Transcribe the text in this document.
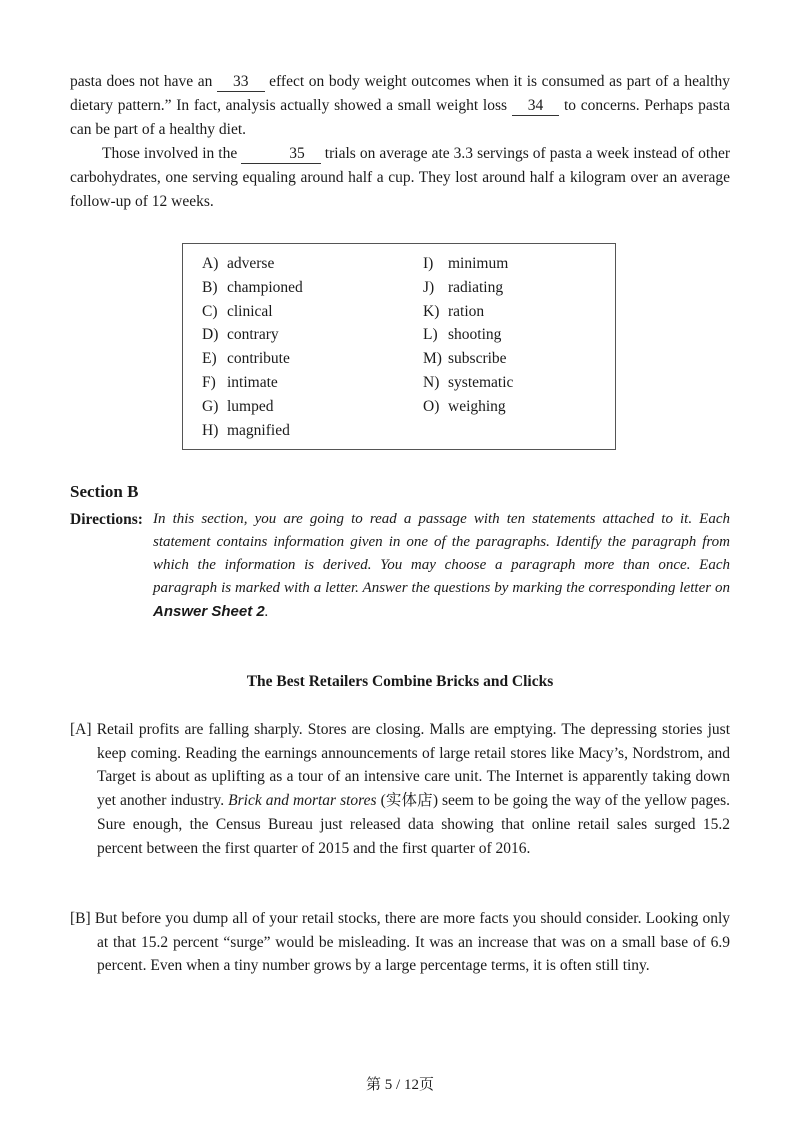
pasta does not have an 33 effect on body weight outcomes when it is consumed as part of a healthy dietary pattern.” In fact, analysis actually showed a small weight loss 34 to concerns. Perhaps pasta can be part of a healthy diet.

Those involved in the	35 trials on average ate 3.3 servings of pasta a week instead of other carbohydrates, one serving equaling around half a cup. They lost around half a kilogram over an average follow-up of 12 weeks.

A) adverse
B) championed
C) clinical
D) contrary
E) contribute
F) intimate
G) lumped
H) magnified
I) minimum
J) radiating
K) ration
L) shooting
M) subscribe
N) systematic
O) weighing
Section B
Directions: In this section, you are going to read a passage with ten statements attached to it. Each statement contains information given in one of the paragraphs. Identify the paragraph from which the information is derived. You may choose a paragraph more than once. Each paragraph is marked with a letter. Answer the questions by marking the corresponding letter on Answer Sheet 2.
The Best Retailers Combine Bricks and Clicks
[A] Retail profits are falling sharply. Stores are closing. Malls are emptying. The depressing stories just keep coming. Reading the earnings announcements of large retail stores like Macy’s, Nordstrom, and Target is about as uplifting as a tour of an intensive care unit. The Internet is apparently taking down yet another industry. Brick and mortar stores (实体店) seem to be going the way of the yellow pages. Sure enough, the Census Bureau just released data showing that online retail sales surged 15.2 percent between the first quarter of 2015 and the first quarter of 2016.
[B] But before you dump all of your retail stocks, there are more facts you should consider. Looking only at that 15.2 percent “surge” would be misleading. It was an increase that was on a small base of 6.9 percent. Even when a tiny number grows by a large percentage terms, it is often still tiny.
第 5 / 12页
